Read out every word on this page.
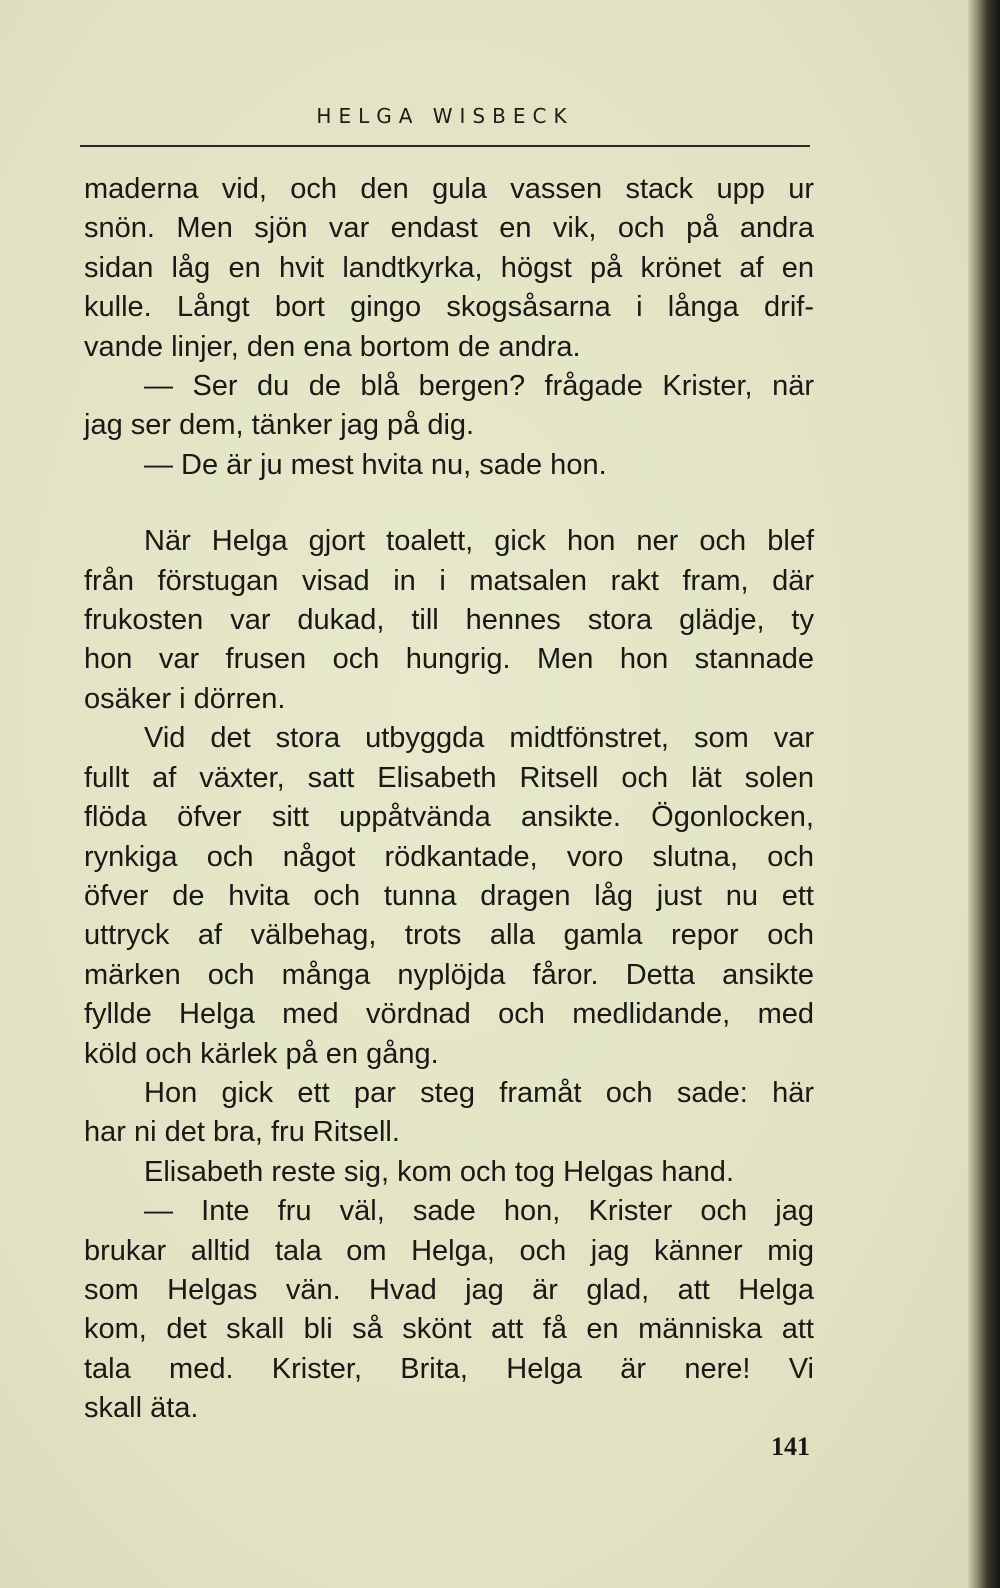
HELGA WISBECK
maderna vid, och den gula vassen stack upp ur
snön. Men sjön var endast en vik, och på andra
sidan låg en hvit landtkyrka, högst på krönet af en
kulle. Långt bort gingo skogsåsarna i långa drif-
vande linjer, den ena bortom de andra.
— Ser du de blå bergen? frågade Krister, när
jag ser dem, tänker jag på dig.
— De är ju mest hvita nu, sade hon.
När Helga gjort toalett, gick hon ner och blef
från förstugan visad in i matsalen rakt fram, där
frukosten var dukad, till hennes stora glädje, ty
hon var frusen och hungrig. Men hon stannade
osäker i dörren.
Vid det stora utbyggda midtfönstret, som var
fullt af växter, satt Elisabeth Ritsell och lät solen
flöda öfver sitt uppåtvända ansikte. Ögonlocken,
rynkiga och något rödkantade, voro slutna, och
öfver de hvita och tunna dragen låg just nu ett
uttryck af välbehag, trots alla gamla repor och
märken och många nyplöjda fåror. Detta ansikte
fyllde Helga med vördnad och medlidande, med
köld och kärlek på en gång.
Hon gick ett par steg framåt och sade: här
har ni det bra, fru Ritsell.
Elisabeth reste sig, kom och tog Helgas hand.
— Inte fru väl, sade hon, Krister och jag
brukar alltid tala om Helga, och jag känner mig
som Helgas vän. Hvad jag är glad, att Helga
kom, det skall bli så skönt att få en människa att
tala med. Krister, Brita, Helga är nere! Vi
skall äta.
141
